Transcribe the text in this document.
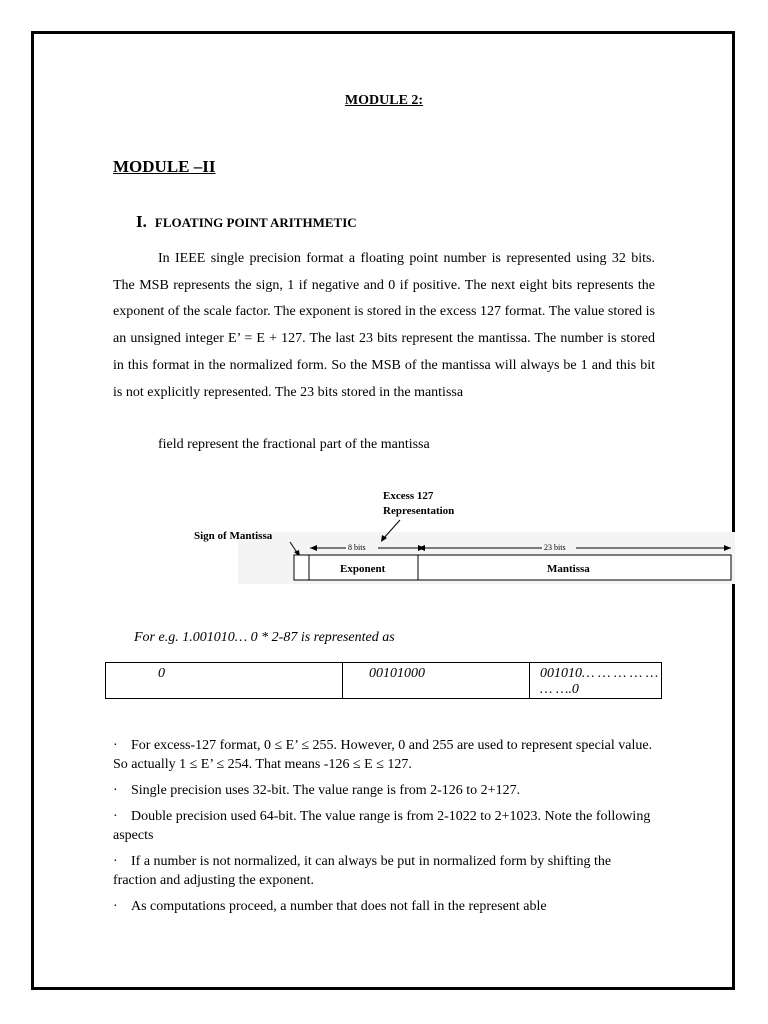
MODULE 2:
MODULE –II
I. FLOATING POINT ARITHMETIC
In IEEE single precision format a floating point number is represented using 32 bits. The MSB represents the sign, 1 if negative and 0 if positive. The next eight bits represents the exponent of the scale factor. The exponent is stored in the excess 127 format. The value stored is an unsigned integer E’ = E + 127. The last 23 bits represent the mantissa. The number is stored in this format in the normalized form. So the MSB of the mantissa will always be 1 and this bit is not explicitly represented. The 23 bits stored in the mantissa
field represent the fractional part of the mantissa
Excess 127
Representation
Sign of Mantissa
8 bits	23 bits
Exponent	Mantissa
For e.g. 1.001010… 0 * 2-87 is represented as
0	00101000	001010… … … … … … ….0
· For excess-127 format, 0 ≤ E’ ≤ 255. However, 0 and 255 are used to represent special value. So actually 1 ≤ E’ ≤ 254. That means -126 ≤ E ≤ 127.
· Single precision uses 32-bit. The value range is from 2-126 to 2+127.
· Double precision used 64-bit. The value range is from 2-1022 to 2+1023. Note the following aspects
· If a number is not normalized, it can always be put in normalized form by shifting the fraction and adjusting the exponent.
· As computations proceed, a number that does not fall in the represent able
